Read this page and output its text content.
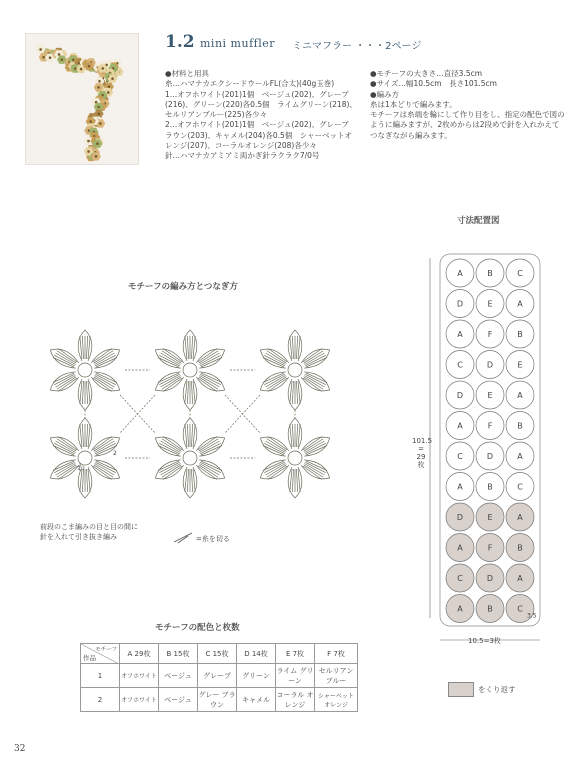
1.2 mini muffler ミニマフラー ・・・2ページ
●材料と用具
糸…ハマナカエクシードウールFL(合太)(40g玉巻)
1…オフホワイト(201)1個　ベージュ(202)、グレープ
(216)、グリーン(220)各0.5個　ライムグリーン(218)、
セルリアンブルー(225)各少々
2…オフホワイト(201)1個　ベージュ(202)、グレーブ
ラウン(203)、キャメル(204)各0.5個　シャーベットオ
レンジ(207)、コーラルオレンジ(208)各少々
針…ハマナカアミアミ両かぎ針ラクラク7/0号
●モチーフの大きさ…直径3.5cm
●サイズ…幅10.5cm　長さ101.5cm
●編み方
糸は1本どりで編みます。
モチーフは糸端を輪にして作り目をし、指定の配色で図の
ように編みますが、2枚めからは2段めで針を入れかえて
つなぎながら編みます。
モチーフの編み方とつなぎ方
わ
2
前段のこま編みの目と目の間に
針を入れて引き抜き編み	=糸を切る
寸法配置図
A	B	C
D	E	A
A	F	B
C	D	E
D	E	A
A	F	B
C	D	A
A	B	C
D	E	A
A	F	B
C	D	A
A	B	C
3.5
101.5
=
29
枚
10.5=3枚
をくり返す
モチーフの配色と枚数
モチーフ
作品	A 29枚	B 15枚	C 15枚	D 14枚	E 7枚	F 7枚
1	オフホワイト	ベージュ	グレープ	グリーン	ライム グリーン	セルリアン ブルー
2	オフホワイト	ベージュ	グレー ブラウン	キャメル	コーラル オレンジ	シャーベット オレンジ
32
